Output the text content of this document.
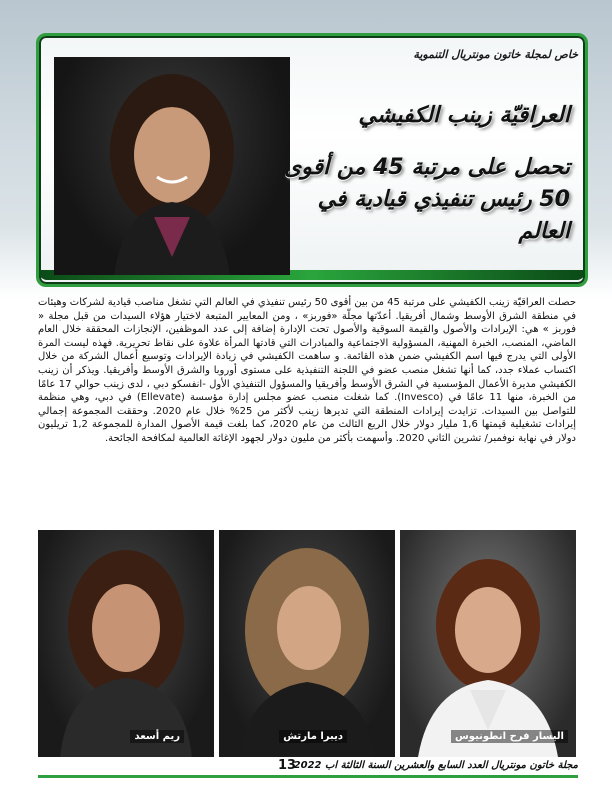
خاص لمجلة خاتون مونتريال التنموية
العراقيّة زينب الكفيشي
تحصل على مرتبة 45 من أقوى 50 رئيس تنفيذي قيادية في العالم
حصلت العراقيّة زينب الكفيشي على مرتبة 45 من بين أقوى 50 رئيس تنفيذي في العالم التي تشغل مناصب قيادية لشركات وهيئات في منطقة الشرق الأوسط وشمال أفريقيا. أعدّتها مجلّة «فوربز» ، ومن المعايير المتبعة لاختيار هؤلاء السيدات من قبل مجلة « فوربز » هي: الإيرادات والأصول والقيمة السوقية والأصول تحت الإدارة إضافة إلى عدد الموظفين، الإنجازات المحققة خلال العام الماضي، المنصب، الخبرة المهنية، المسؤولية الاجتماعية والمبادرات التي قادتها المرأة علاوة على نقاط تحريرية. فهذه ليست المرة الأولى التي يدرج فيها اسم الكفيشي ضمن هذه القائمة. و ساهمت الكفيشي في زيادة الإيرادات وتوسيع أعمال الشركة من خلال اكتساب عملاء جدد، كما أنها تشغل منصب عضو في اللجنة التنفيذية على مستوى أوروبا والشرق الأوسط وأفريقيا. ويذكر أن زينب الكفيشي مديرة الأعمال المؤسسية في الشرق الأوسط وأفريقيا والمسؤول التنفيذي الأول -انفسكو دبي ، لدى زينب حوالي 17 عامًا من الخبرة، منها 11 عامًا في (Invesco). كما شغلت منصب عضو مجلس إدارة مؤسسة (Ellevate) في دبي، وهي منظمة للتواصل بين السيدات. تزايدت إيرادات المنطقة التي تديرها زينب لأكثر من 25% خلال عام 2020. وحققت المجموعة إجمالي إيرادات تشغيلية قيمتها 1,6 مليار دولار خلال الربع الثالث من عام 2020، كما بلغت قيمة الأصول المدارة للمجموعة 1,2 تريليون دولار في نهاية نوفمبر/ تشرين الثاني 2020. وأسهمت بأكثر من مليون دولار لجهود الإغاثة العالمية لمكافحة الجائحة.
ريم أسعد	ديبرا مارتش	اليسار فرح انطونيوس
مجلة خاتون مونتريال العدد السابع والعشرين السنة الثالثة اب 2022
13
